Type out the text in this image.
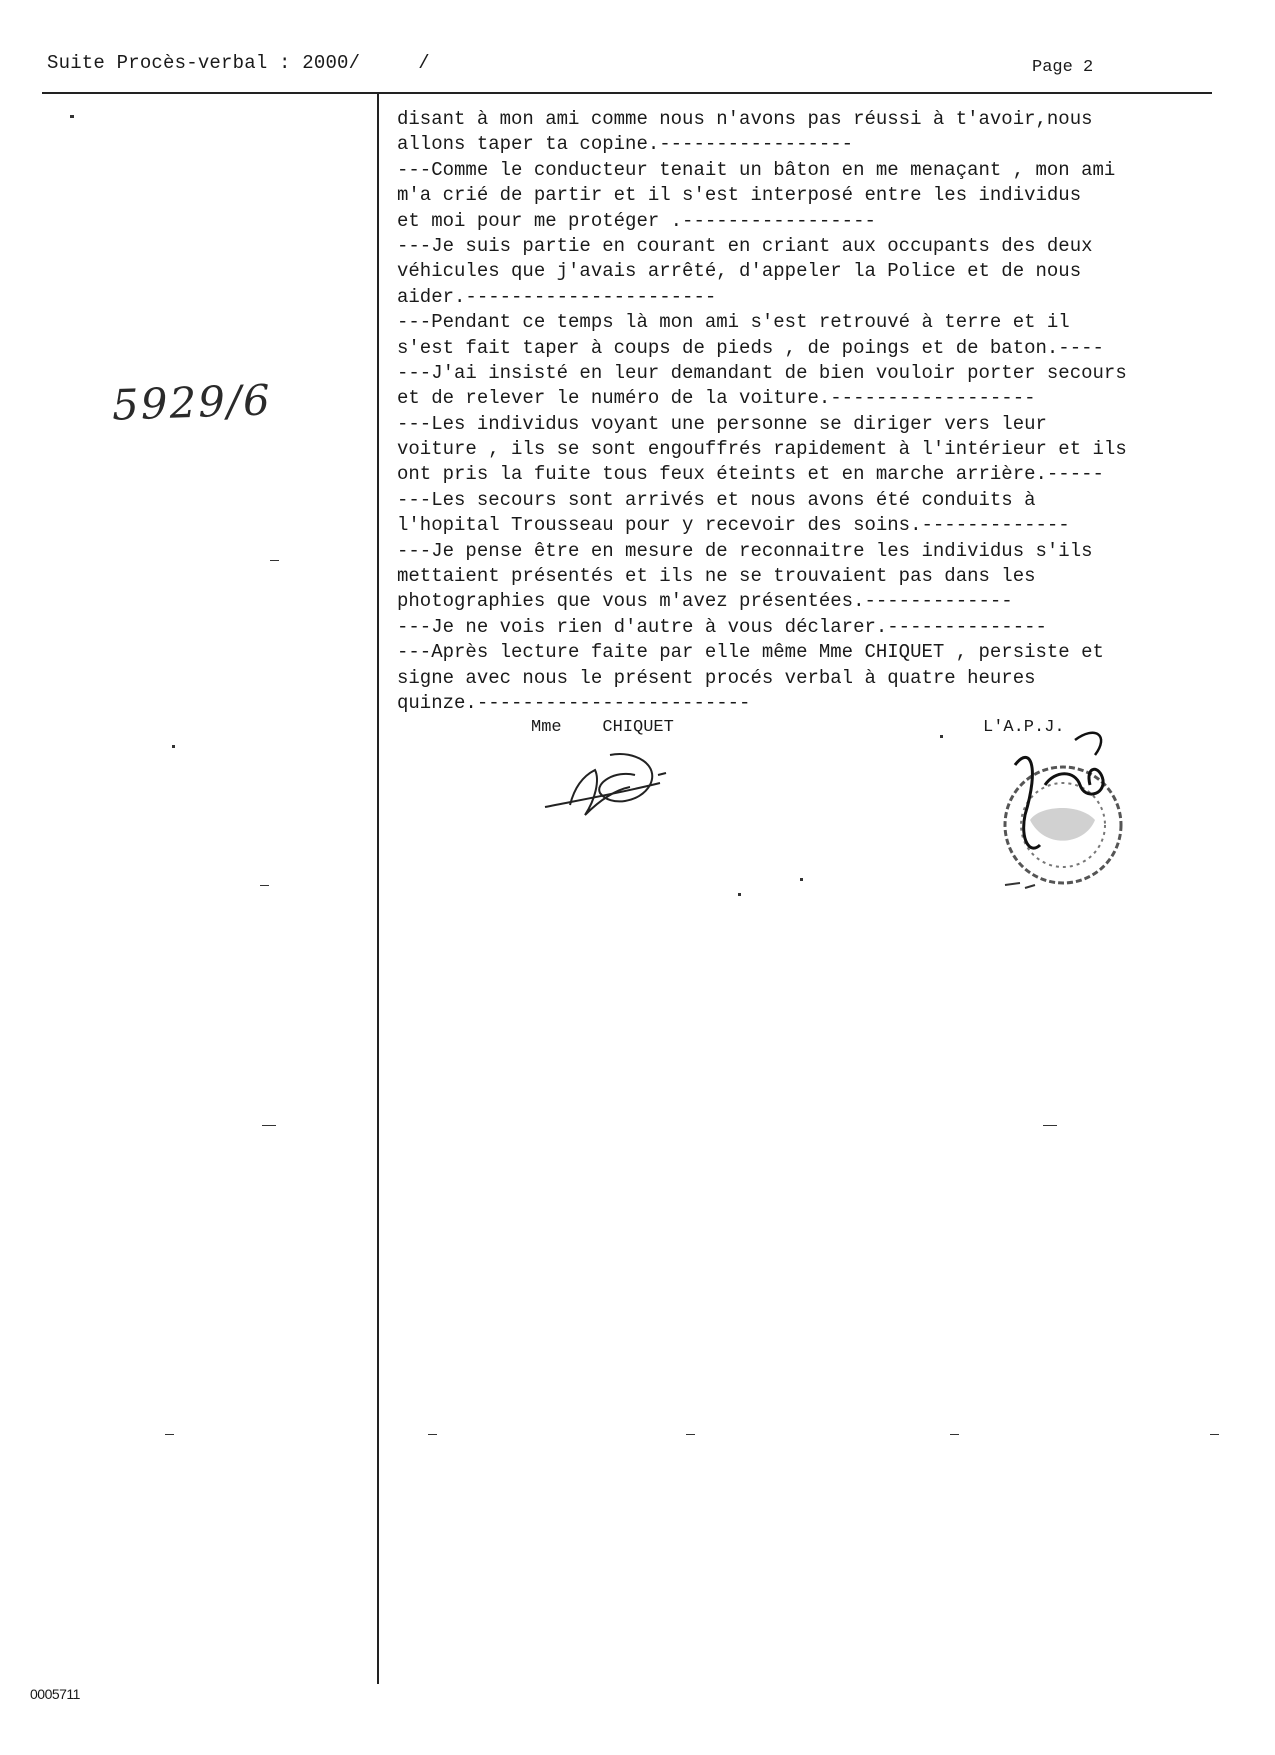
Suite Procès-verbal : 2000/     /	Page 2
5929/6
disant à mon ami comme nous n'avons pas réussi à t'avoir,nous
allons taper ta copine.-----------------
---Comme le conducteur tenait un bâton en me menaçant , mon ami
m'a crié de partir et il s'est interposé entre les individus
et moi pour me protéger .-----------------
---Je suis partie en courant en criant aux occupants des deux
véhicules que j'avais arrêté, d'appeler la Police et de nous
aider.----------------------
---Pendant ce temps là mon ami s'est retrouvé à terre et il
s'est fait taper à coups de pieds , de poings et de baton.----
---J'ai insisté en leur demandant de bien vouloir porter secours
et de relever le numéro de la voiture.------------------
---Les individus voyant une personne se diriger vers leur
voiture , ils se sont engouffrés rapidement à l'intérieur et ils
ont pris la fuite tous feux éteints et en marche arrière.-----
---Les secours sont arrivés et nous avons été conduits à
l'hopital Trousseau pour y recevoir des soins.-------------
---Je pense être en mesure de reconnaitre les individus s'ils
mettaient présentés et ils ne se trouvaient pas dans les
photographies que vous m'avez présentées.-------------
---Je ne vois rien d'autre à vous déclarer.--------------
---Après lecture faite par elle même Mme CHIQUET , persiste et
signe avec nous le présent procés verbal à quatre heures
quinze.------------------------
Mme    CHIQUET	L'A.P.J.
0005711
